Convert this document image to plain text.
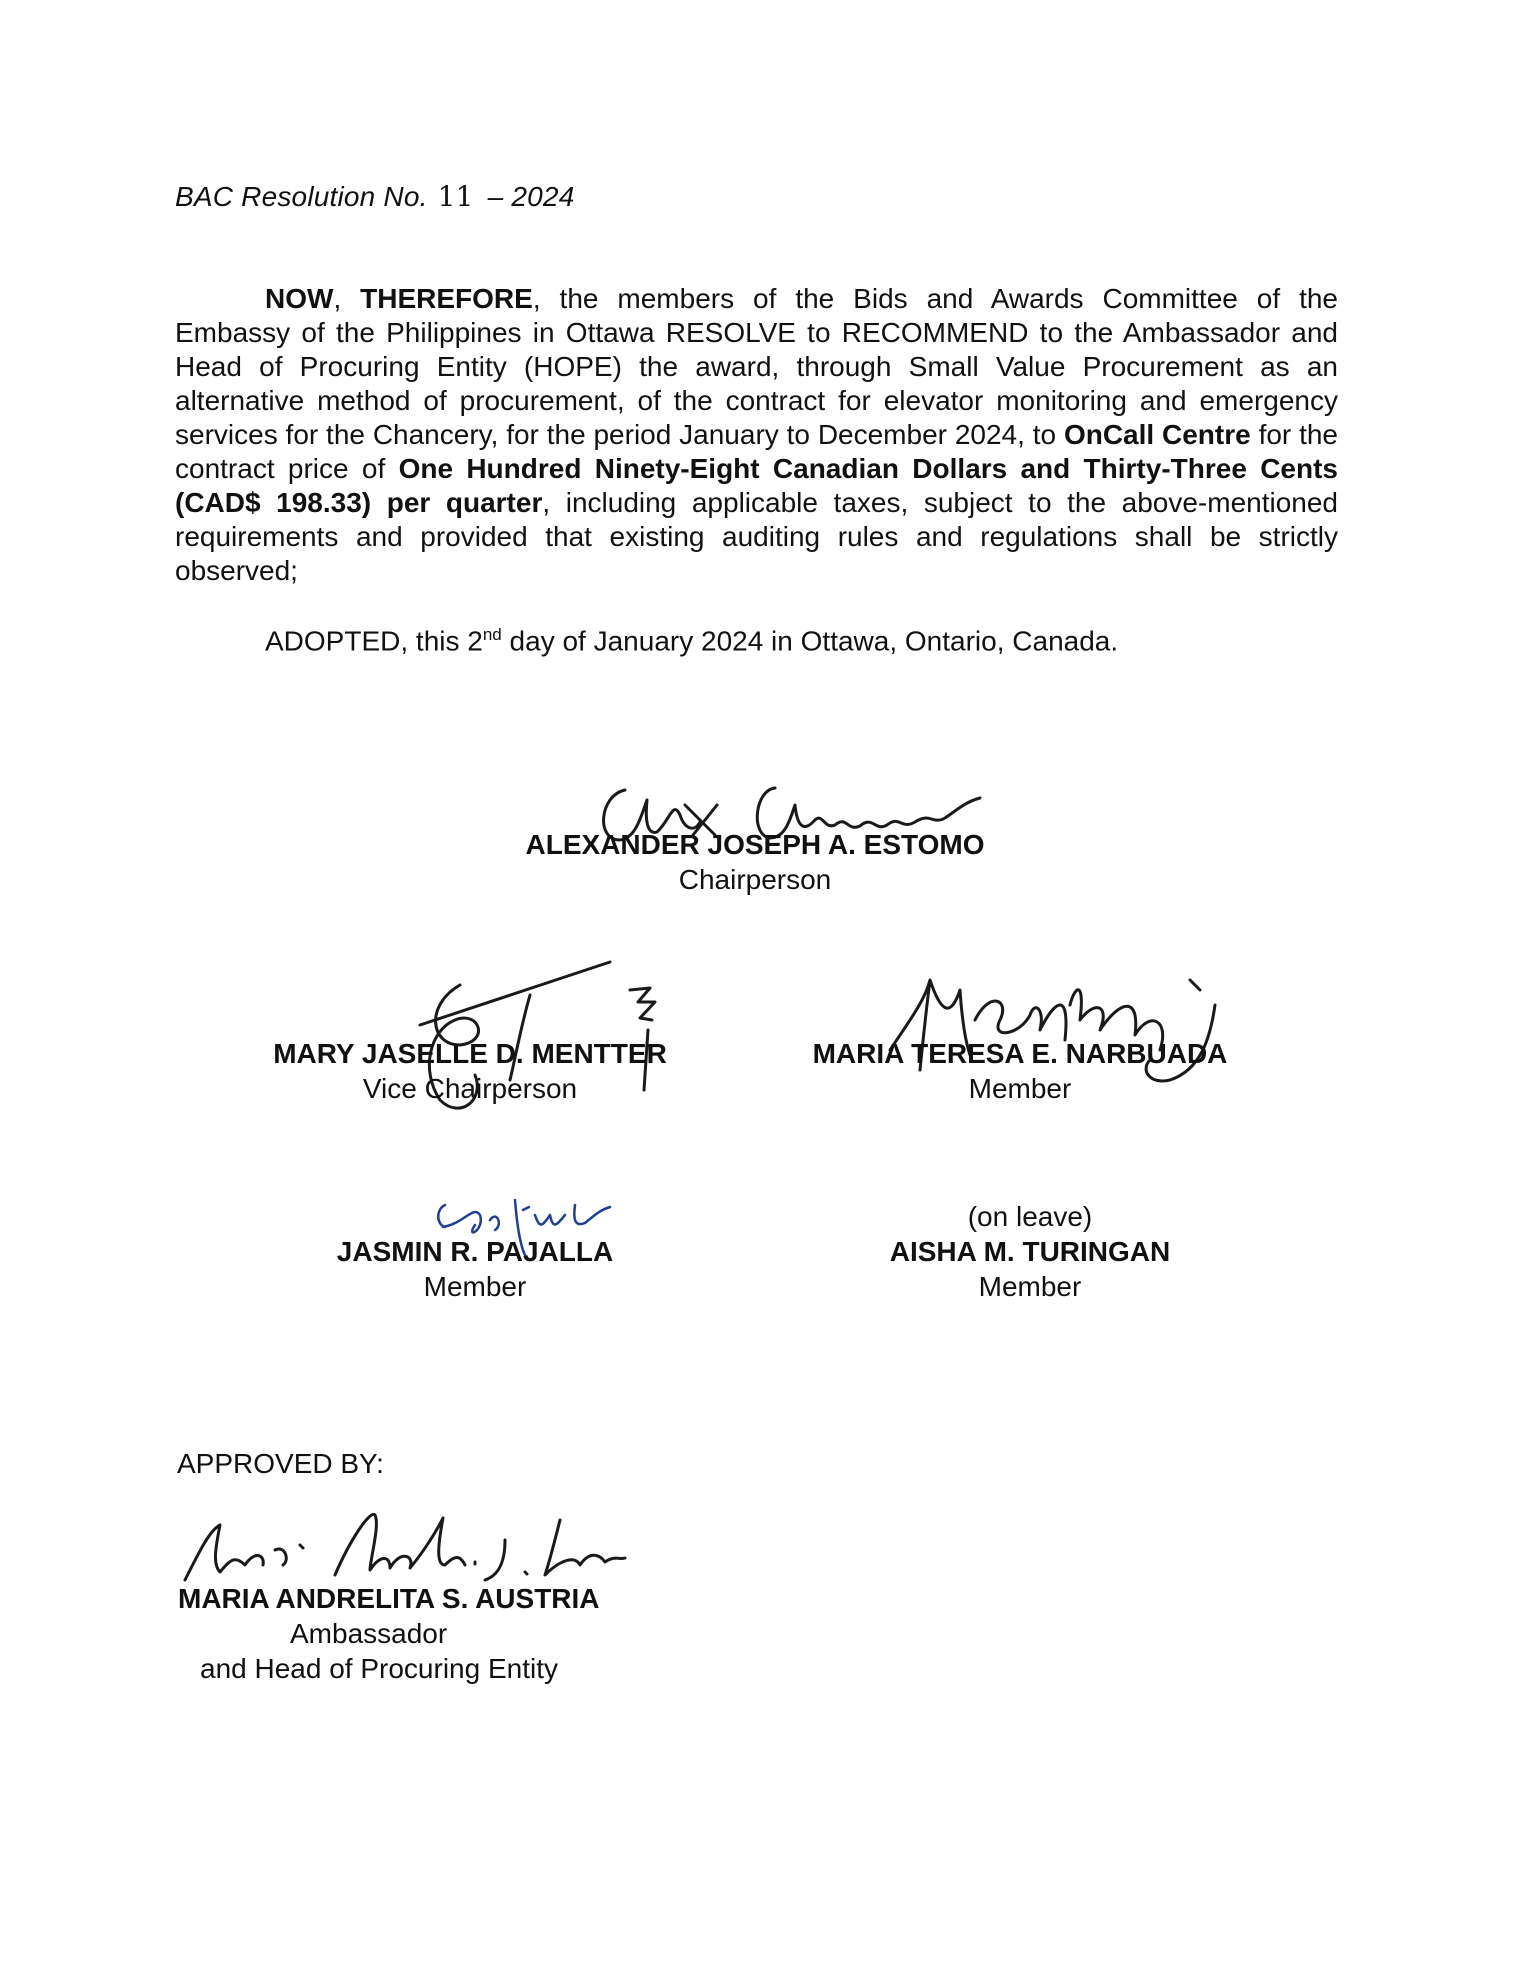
BAC Resolution No. 11 – 2024

NOW, THEREFORE, the members of the Bids and Awards Committee of the Embassy of the Philippines in Ottawa RESOLVE to RECOMMEND to the Ambassador and Head of Procuring Entity (HOPE) the award, through Small Value Procurement as an alternative method of procurement, of the contract for elevator monitoring and emergency services for the Chancery, for the period January to December 2024, to OnCall Centre for the contract price of One Hundred Ninety-Eight Canadian Dollars and Thirty-Three Cents (CAD$ 198.33) per quarter, including applicable taxes, subject to the above-mentioned requirements and provided that existing auditing rules and regulations shall be strictly observed;

ADOPTED, this 2nd day of January 2024 in Ottawa, Ontario, Canada.
ALEXANDER JOSEPH A. ESTOMO
Chairperson
MARY JASELLE D. MENTTER
Vice Chairperson
MARIA TERESA E. NARBUADA
Member
JASMIN R. PAJALLA
Member
(on leave)
AISHA M. TURINGAN
Member
APPROVED BY:
MARIA ANDRELITA S. AUSTRIA
Ambassador
and Head of Procuring Entity
